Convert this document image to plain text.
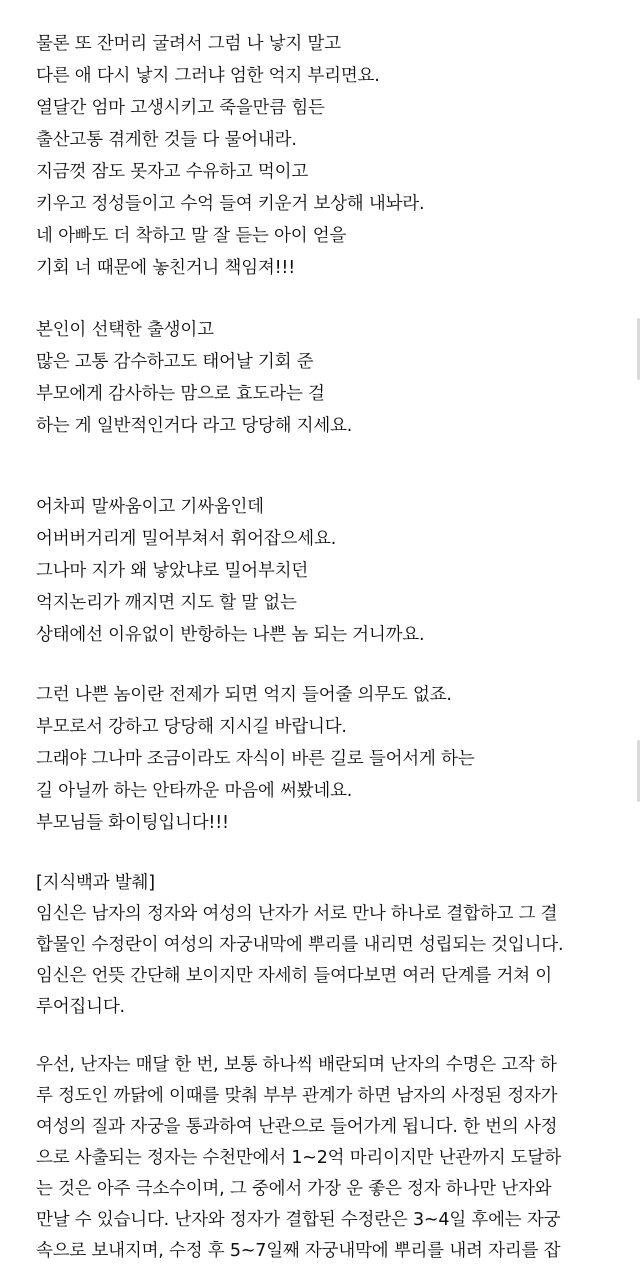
물론 또 잔머리 굴려서 그럼 나 낳지 말고
다른 애 다시 낳지 그러냐 엄한 억지 부리면요.
열달간 엄마 고생시키고 죽을만큼 힘든
출산고통 겪게한 것들 다 물어내라.
지금껏 잠도 못자고 수유하고 먹이고
키우고 정성들이고 수억 들여 키운거 보상해 내놔라.
네 아빠도 더 착하고 말 잘 듣는 아이 얻을
기회 너 때문에 놓친거니 책임져!!!
본인이 선택한 출생이고
많은 고통 감수하고도 태어날 기회 준
부모에게 감사하는 맘으로 효도라는 걸
하는 게 일반적인거다 라고 당당해 지세요.
어차피 말싸움이고 기싸움인데
어버버거리게 밀어부쳐서 휘어잡으세요.
그나마 지가 왜 낳았냐로 밀어부치던
억지논리가 깨지면 지도 할 말 없는
상태에선 이유없이 반항하는 나쁜 놈 되는 거니까요.
그런 나쁜 놈이란 전제가 되면 억지 들어줄 의무도 없죠.
부모로서 강하고 당당해 지시길 바랍니다.
그래야 그나마 조금이라도 자식이 바른 길로 들어서게 하는
길 아닐까 하는 안타까운 마음에 써봤네요.
부모님들 화이팅입니다!!!
[지식백과 발췌]
임신은 남자의 정자와 여성의 난자가 서로 만나 하나로 결합하고 그 결
합물인 수정란이 여성의 자궁내막에 뿌리를 내리면 성립되는 것입니다.
임신은 언뜻 간단해 보이지만 자세히 들여다보면 여러 단계를 거쳐 이
루어집니다.
우선, 난자는 매달 한 번, 보통 하나씩 배란되며 난자의 수명은 고작 하
루 정도인 까닭에 이때를 맞춰 부부 관계가 하면 남자의 사정된 정자가
여성의 질과 자궁을 통과하여 난관으로 들어가게 됩니다. 한 번의 사정
으로 사출되는 정자는 수천만에서 1~2억 마리이지만 난관까지 도달하
는 것은 아주 극소수이며, 그 중에서 가장 운 좋은 정자 하나만 난자와
만날 수 있습니다. 난자와 정자가 결합된 수정란은 3~4일 후에는 자궁
속으로 보내지며, 수정 후 5~7일째 자궁내막에 뿌리를 내려 자리를 잡
